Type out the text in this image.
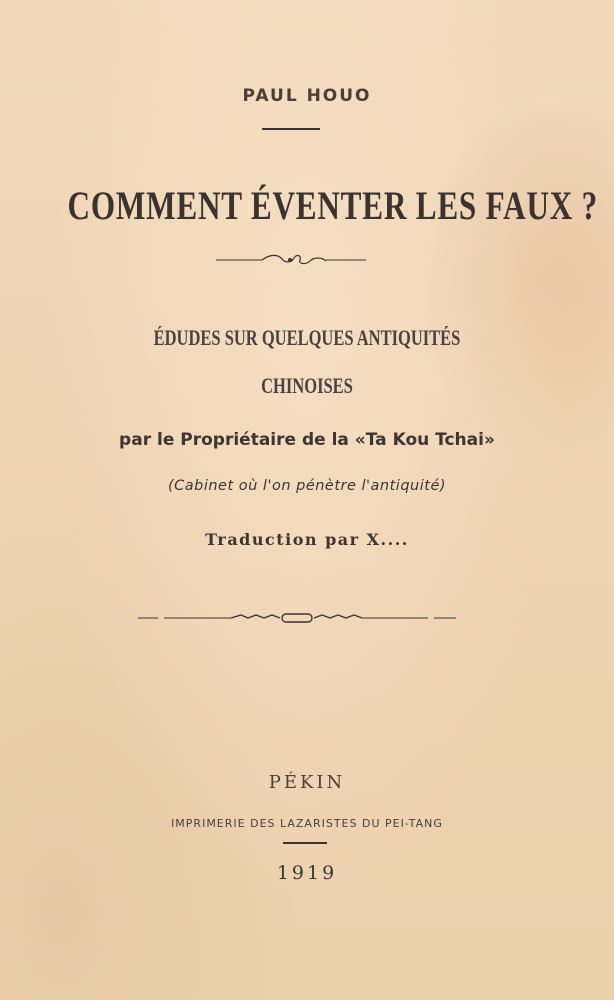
PAUL HOUO
COMMENT ÉVENTER LES FAUX ?
ÉDUDES SUR QUELQUES ANTIQUITÉS
CHINOISES
par le Propriétaire de la «Ta Kou Tchai»
(Cabinet où l'on pénètre l'antiquité)
Traduction par X....
PÉKIN
IMPRIMERIE DES LAZARISTES DU PEI-TANG
1919
